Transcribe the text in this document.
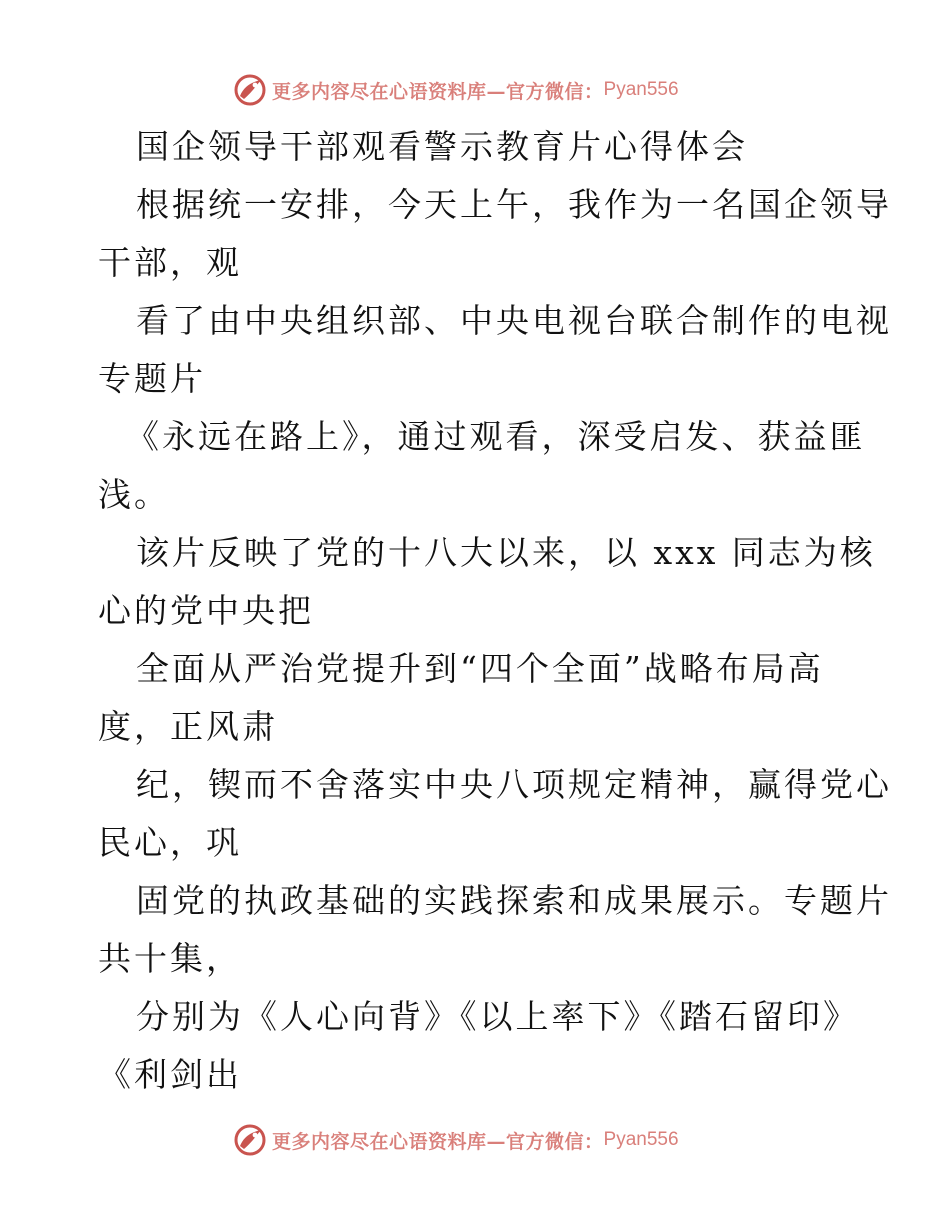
更多内容尽在心语资料库—官方微信： Pyan556
国企领导干部观看警示教育片心得体会
根据统一安排，今天上午，我作为一名国企领导
干部，观
看了由中央组织部、中央电视台联合制作的电视
专题片
《永远在路上》，通过观看，深受启发、获益匪
浅。
该片反映了党的十八大以来，以 xxx 同志为核
心的党中央把
全面从严治党提升到“四个全面”战略布局高
度，正风肃
纪，锲而不舍落实中央八项规定精神，赢得党心
民心，巩
固党的执政基础的实践探索和成果展示。专题片
共十集，
分别为《人心向背》《以上率下》《踏石留印》
《利剑出
更多内容尽在心语资料库—官方微信： Pyan556
